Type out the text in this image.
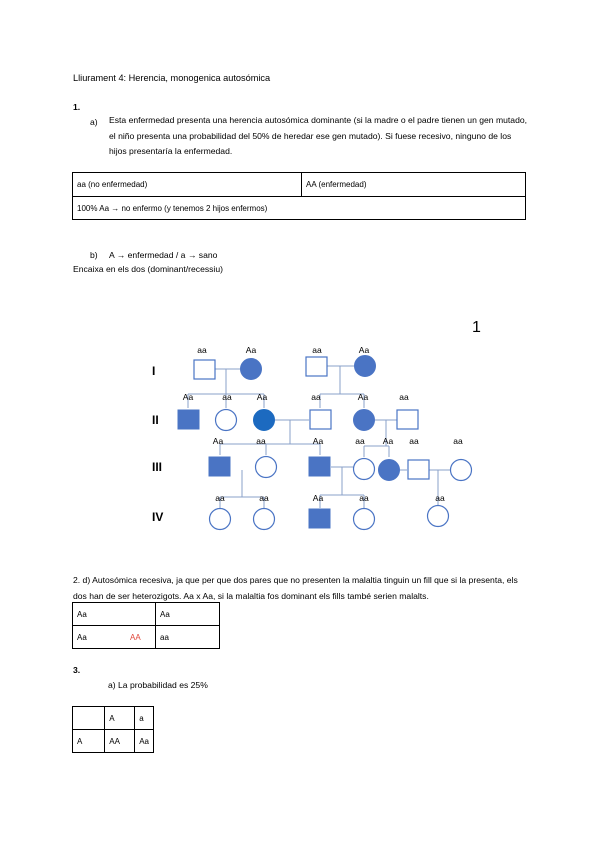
Lliurament 4: Herencia, monogenica autosómica
1.
a) Esta enfermedad presenta una herencia autosómica dominante (si la madre o el padre tienen un gen mutado, el niño presenta una probabilidad del 50% de heredar ese gen mutado). Si fuese recesivo, ninguno de los hijos presentaría la enfermedad.
aa (no enfermedad)	AA (enfermedad)
100% Aa → no enfermo (y tenemos 2 hijos enfermos)
b) A → enfermedad / a → sano
Encaixa en els dos (dominant/recessiu)
I
II
III
IV
1
aa	Aa	aa	Aa
Aa	aa	Aa	aa	Aa	aa
Aa	aa	Aa	aa Aa aa	aa
aa	aa	Aa	aa	aa
2. d) Autosómica recesiva, ja que per que dos pares que no presenten la malaltia tinguin un fill que si la presenta, els dos han de ser heterozigots. Aa x Aa, si la malaltia fos dominant els fills també serien malalts.
Aa		Aa
Aa	AA	aa
3.
a) La probabilidad es 25%
	A	a
A	AA	Aa
